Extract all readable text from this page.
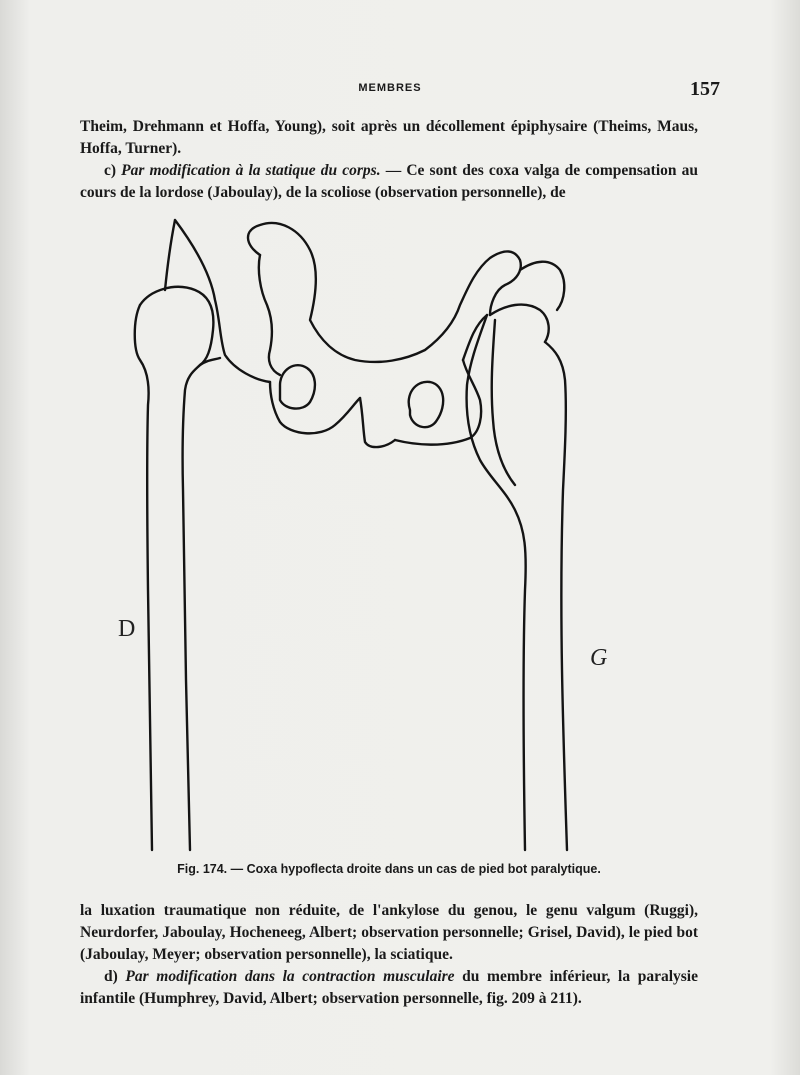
MEMBRES	157

Theim, Drehmann et Hoffa, Young), soit après un décollement épiphysaire (Theims, Maus, Hoffa, Turner).

c) Par modification à la statique du corps. — Ce sont des coxa valga de compensation au cours de la lordose (Jaboulay), de la scoliose (observation personnelle), de

D
G
Fig. 174. — Coxa hypoflecta droite dans un cas de pied bot paralytique.

la luxation traumatique non réduite, de l'ankylose du genou, le genu valgum (Ruggi), Neurdorfer, Jaboulay, Hocheneeg, Albert; observation personnelle; Grisel, David), le pied bot (Jaboulay, Meyer; observation personnelle), la sciatique.

d) Par modification dans la contraction musculaire du membre inférieur, la paralysie infantile (Humphrey, David, Albert; observation personnelle, fig. 209 à 211).
